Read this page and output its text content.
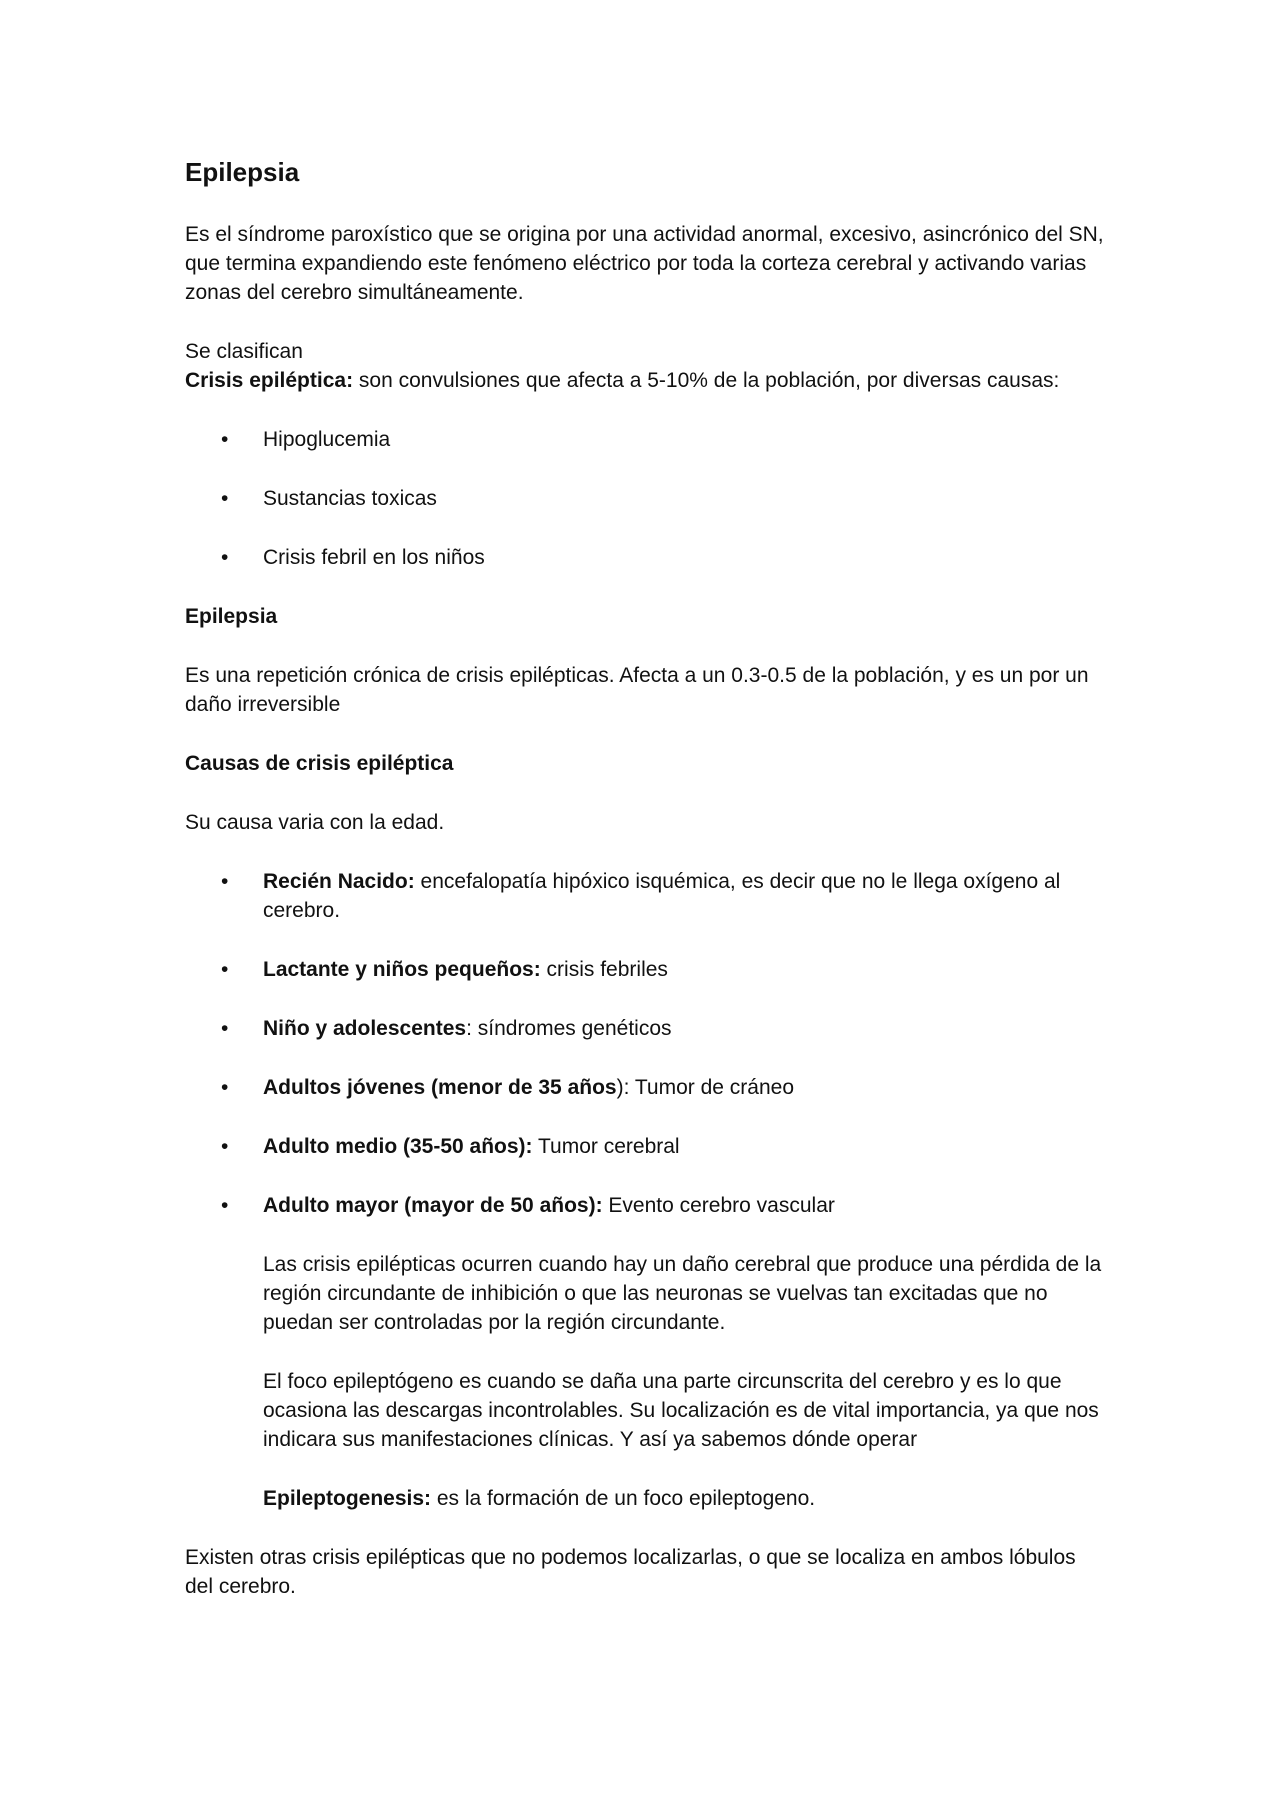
Epilepsia

Es el síndrome paroxístico que se origina por una actividad anormal, excesivo, asincrónico del SN, que termina expandiendo este fenómeno eléctrico por toda la corteza cerebral y activando varias zonas del cerebro simultáneamente.

Se clasifican

Crisis epiléptica: son convulsiones que afecta a 5-10% de la población, por diversas causas:

• Hipoglucemia
• Sustancias toxicas
• Crisis febril en los niños

Epilepsia

Es una repetición crónica de crisis epilépticas. Afecta a un 0.3-0.5 de la población, y es un por un daño irreversible

Causas de crisis epiléptica

Su causa varia con la edad.

• Recién Nacido: encefalopatía hipóxico isquémica, es decir que no le llega oxígeno al cerebro.
• Lactante y niños pequeños: crisis febriles
• Niño y adolescentes: síndromes genéticos
• Adultos jóvenes (menor de 35 años): Tumor de cráneo
• Adulto medio (35-50 años): Tumor cerebral
• Adulto mayor (mayor de 50 años): Evento cerebro vascular

Las crisis epilépticas ocurren cuando hay un daño cerebral que produce una pérdida de la región circundante de inhibición o que las neuronas se vuelvas tan excitadas que no puedan ser controladas por la región circundante.

El foco epileptógeno es cuando se daña una parte circunscrita del cerebro y es lo que ocasiona las descargas incontrolables. Su localización es de vital importancia, ya que nos indicara sus manifestaciones clínicas. Y así ya sabemos dónde operar

Epileptogenesis: es la formación de un foco epileptogeno.

Existen otras crisis epilépticas que no podemos localizarlas, o que se localiza en ambos lóbulos del cerebro.
